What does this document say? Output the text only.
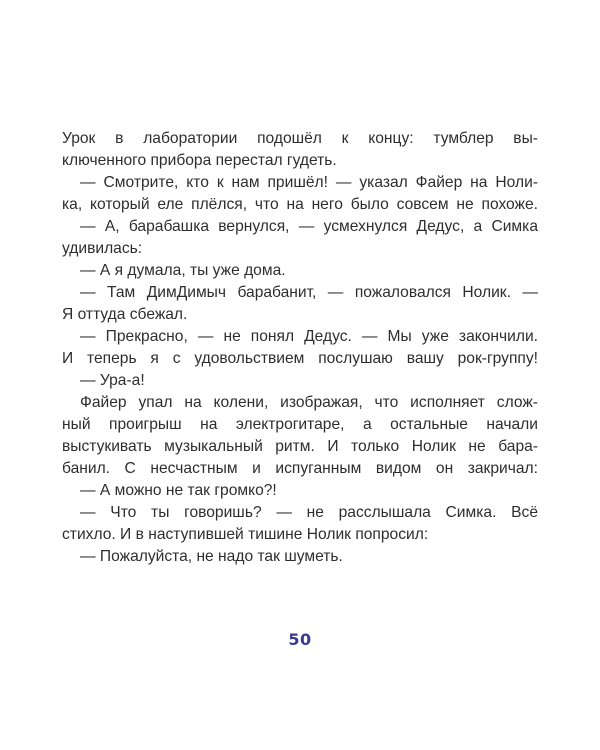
Урок в лаборатории подошёл к концу: тумблер вы-
ключенного прибора перестал гудеть.
— Смотрите, кто к нам пришёл! — указал Файер на Ноли-
ка, который еле плёлся, что на него было совсем не похоже.
— А, барабашка вернулся, — усмехнулся Дедус, а Симка
удивилась:
— А я думала, ты уже дома.
— Там ДимДимыч барабанит, — пожаловался Нолик. —
Я оттуда сбежал.
— Прекрасно, — не понял Дедус. — Мы уже закончили.
И теперь я с удовольствием послушаю вашу рок-группу!
— Ура-а!
Файер упал на колени, изображая, что исполняет слож-
ный проигрыш на электрогитаре, а остальные начали
выстукивать музыкальный ритм. И только Нолик не бара-
банил. С несчастным и испуганным видом он закричал:
— А можно не так громко?!
— Что ты говоришь? — не расслышала Симка. Всё
стихло. И в наступившей тишине Нолик попросил:
— Пожалуйста, не надо так шуметь.
50
